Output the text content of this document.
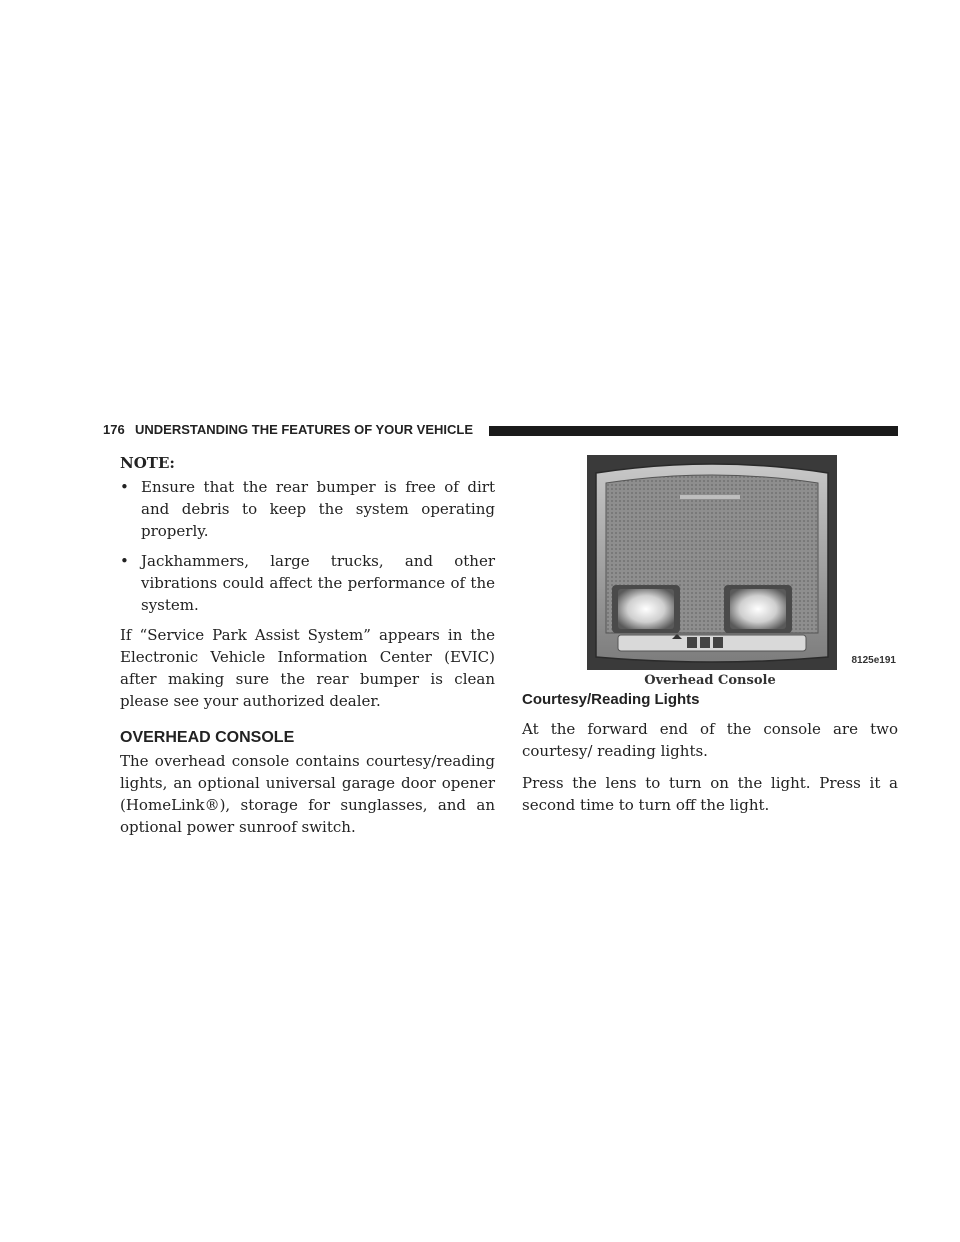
176 UNDERSTANDING THE FEATURES OF YOUR VEHICLE
NOTE:
• Ensure that the rear bumper is free of dirt and debris to keep the system operating properly.
• Jackhammers, large trucks, and other vibrations could affect the performance of the system.

If “Service Park Assist System” appears in the Electronic Vehicle Information Center (EVIC) after making sure the rear bumper is clean please see your authorized dealer.

OVERHEAD CONSOLE

The overhead console contains courtesy/reading lights, an optional universal garage door opener (HomeLink®), storage for sunglasses, and an optional power sunroof switch.

8125e191
Overhead Console
Courtesy/Reading Lights

At the forward end of the console are two courtesy/ reading lights.

Press the lens to turn on the light. Press it a second time to turn off the light.
